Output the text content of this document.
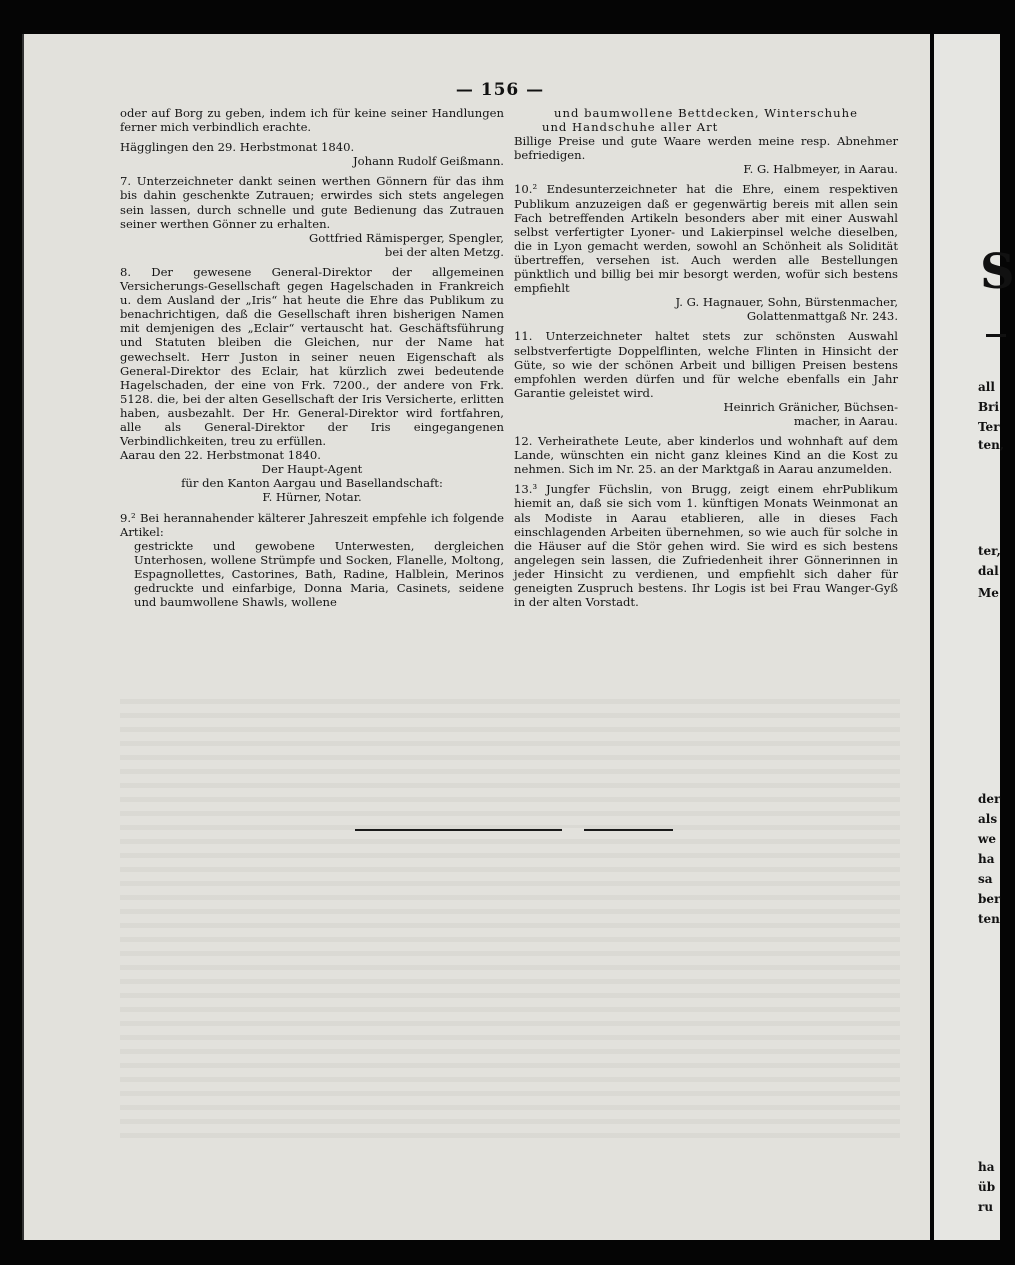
— 156 —

oder auf Borg zu geben, indem ich für keine seiner Handlungen ferner mich verbindlich erachte.

Hägglingen den 29. Herbstmonat 1840.

Johann Rudolf Geißmann.

7. Unterzeichneter dankt seinen werthen Gönnern für das ihm bis dahin geschenkte Zutrauen; erwirdes sich stets angelegen sein lassen, durch schnelle und gute Bedienung das Zutrauen seiner werthen Gönner zu erhalten.

Gottfried Rämisperger, Spengler,

bei der alten Metzg.

8. Der gewesene General-Direktor der allgemeinen Versicherungs-Gesellschaft gegen Hagelschaden in Frankreich u. dem Ausland der „Iris“ hat heute die Ehre das Publikum zu benachrichtigen, daß die Gesellschaft ihren bisherigen Namen mit demjenigen des „Eclair“ vertauscht hat. Geschäftsführung und Statuten bleiben die Gleichen, nur der Name hat gewechselt. Herr Juston in seiner neuen Eigenschaft als General-Direktor des Eclair, hat kürzlich zwei bedeutende Hagelschaden, der eine von Frk. 7200., der andere von Frk. 5128. die, bei der alten Gesellschaft der Iris Versicherte, erlitten haben, ausbezahlt. Der Hr. General-Direktor wird fortfahren, alle als General-Direktor der Iris eingegangenen Verbindlichkeiten, treu zu erfüllen.

Aarau den 22. Herbstmonat 1840.

Der Haupt-Agent

für den Kanton Aargau und Basellandschaft:

F. Hürner, Notar.

9.² Bei herannahender kälterer Jahreszeit empfehle ich folgende Artikel:

gestrickte und gewobene Unterwesten, dergleichen Unterhosen, wollene Strümpfe und Socken, Flanelle, Moltong, Espagnollettes, Castorines, Bath, Radine, Halblein, Merinos gedruckte und einfarbige, Donna Maria, Casinets, seidene und baumwollene Shawls, wollene

und baumwollene Bettdecken, Winterschuhe

und Handschuhe aller Art

Billige Preise und gute Waare werden meine resp. Abnehmer befriedigen.

F. G. Halbmeyer, in Aarau.

10.² Endesunterzeichneter hat die Ehre, einem respektiven Publikum anzuzeigen daß er gegenwärtig bereis mit allen sein Fach betreffenden Artikeln besonders aber mit einer Auswahl selbst verfertigter Lyoner- und Lakierpinsel welche dieselben, die in Lyon gemacht werden, sowohl an Schönheit als Solidität übertreffen, versehen ist. Auch werden alle Bestellungen pünktlich und billig bei mir besorgt werden, wofür sich bestens empfiehlt

J. G. Hagnauer, Sohn, Bürstenmacher,

Golattenmattgaß Nr. 243.

11. Unterzeichneter haltet stets zur schönsten Auswahl selbstverfertigte Doppelflinten, welche Flinten in Hinsicht der Güte, so wie der schönen Arbeit und billigen Preisen bestens empfohlen werden dürfen und für welche ebenfalls ein Jahr Garantie geleistet wird.

Heinrich Gränicher, Büchsen-

macher, in Aarau.

12. Verheirathete Leute, aber kinderlos und wohnhaft auf dem Lande, wünschten ein nicht ganz kleines Kind an die Kost zu nehmen. Sich im Nr. 25. an der Marktgaß in Aarau anzumelden.

13.³ Jungfer Füchslin, von Brugg, zeigt einem ehrPublikum hiemit an, daß sie sich vom 1. künftigen Monats Weinmonat an als Modiste in Aarau etablieren, alle in dieses Fach einschlagenden Arbeiten übernehmen, so wie auch für solche in die Häuser auf die Stör gehen wird. Sie wird es sich bestens angelegen sein lassen, die Zufriedenheit ihrer Gönnerinnen in jeder Hinsicht zu verdienen, und empfiehlt sich daher für geneigten Zuspruch bestens. Ihr Logis ist bei Frau Wanger-Gyß in der alten Vorstadt.

S
all
Bri
Ter
ten,
ter,
dal
Me
der
als
we
ha
sa
ber
ten
ha
üb
ru
